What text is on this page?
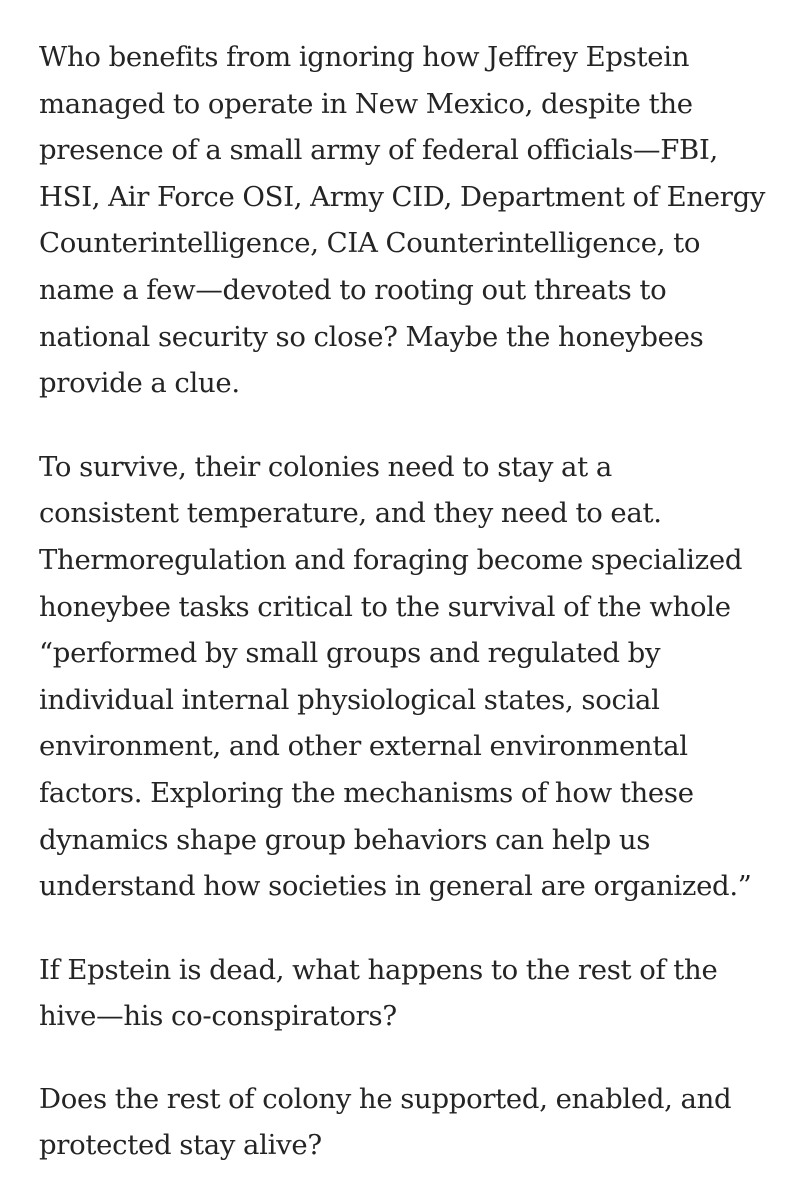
Who benefits from ignoring how Jeffrey Epstein
managed to operate in New Mexico, despite the
presence of a small army of federal officials—FBI,
HSI, Air Force OSI, Army CID, Department of Energy
Counterintelligence, CIA Counterintelligence, to
name a few—devoted to rooting out threats to
national security so close? Maybe the honeybees
provide a clue.

To survive, their colonies need to stay at a
consistent temperature, and they need to eat.
Thermoregulation and foraging become specialized
honeybee tasks critical to the survival of the whole
“performed by small groups and regulated by
individual internal physiological states, social
environment, and other external environmental
factors. Exploring the mechanisms of how these
dynamics shape group behaviors can help us
understand how societies in general are organized.”

If Epstein is dead, what happens to the rest of the
hive—his co-conspirators?

Does the rest of colony he supported, enabled, and
protected stay alive?
